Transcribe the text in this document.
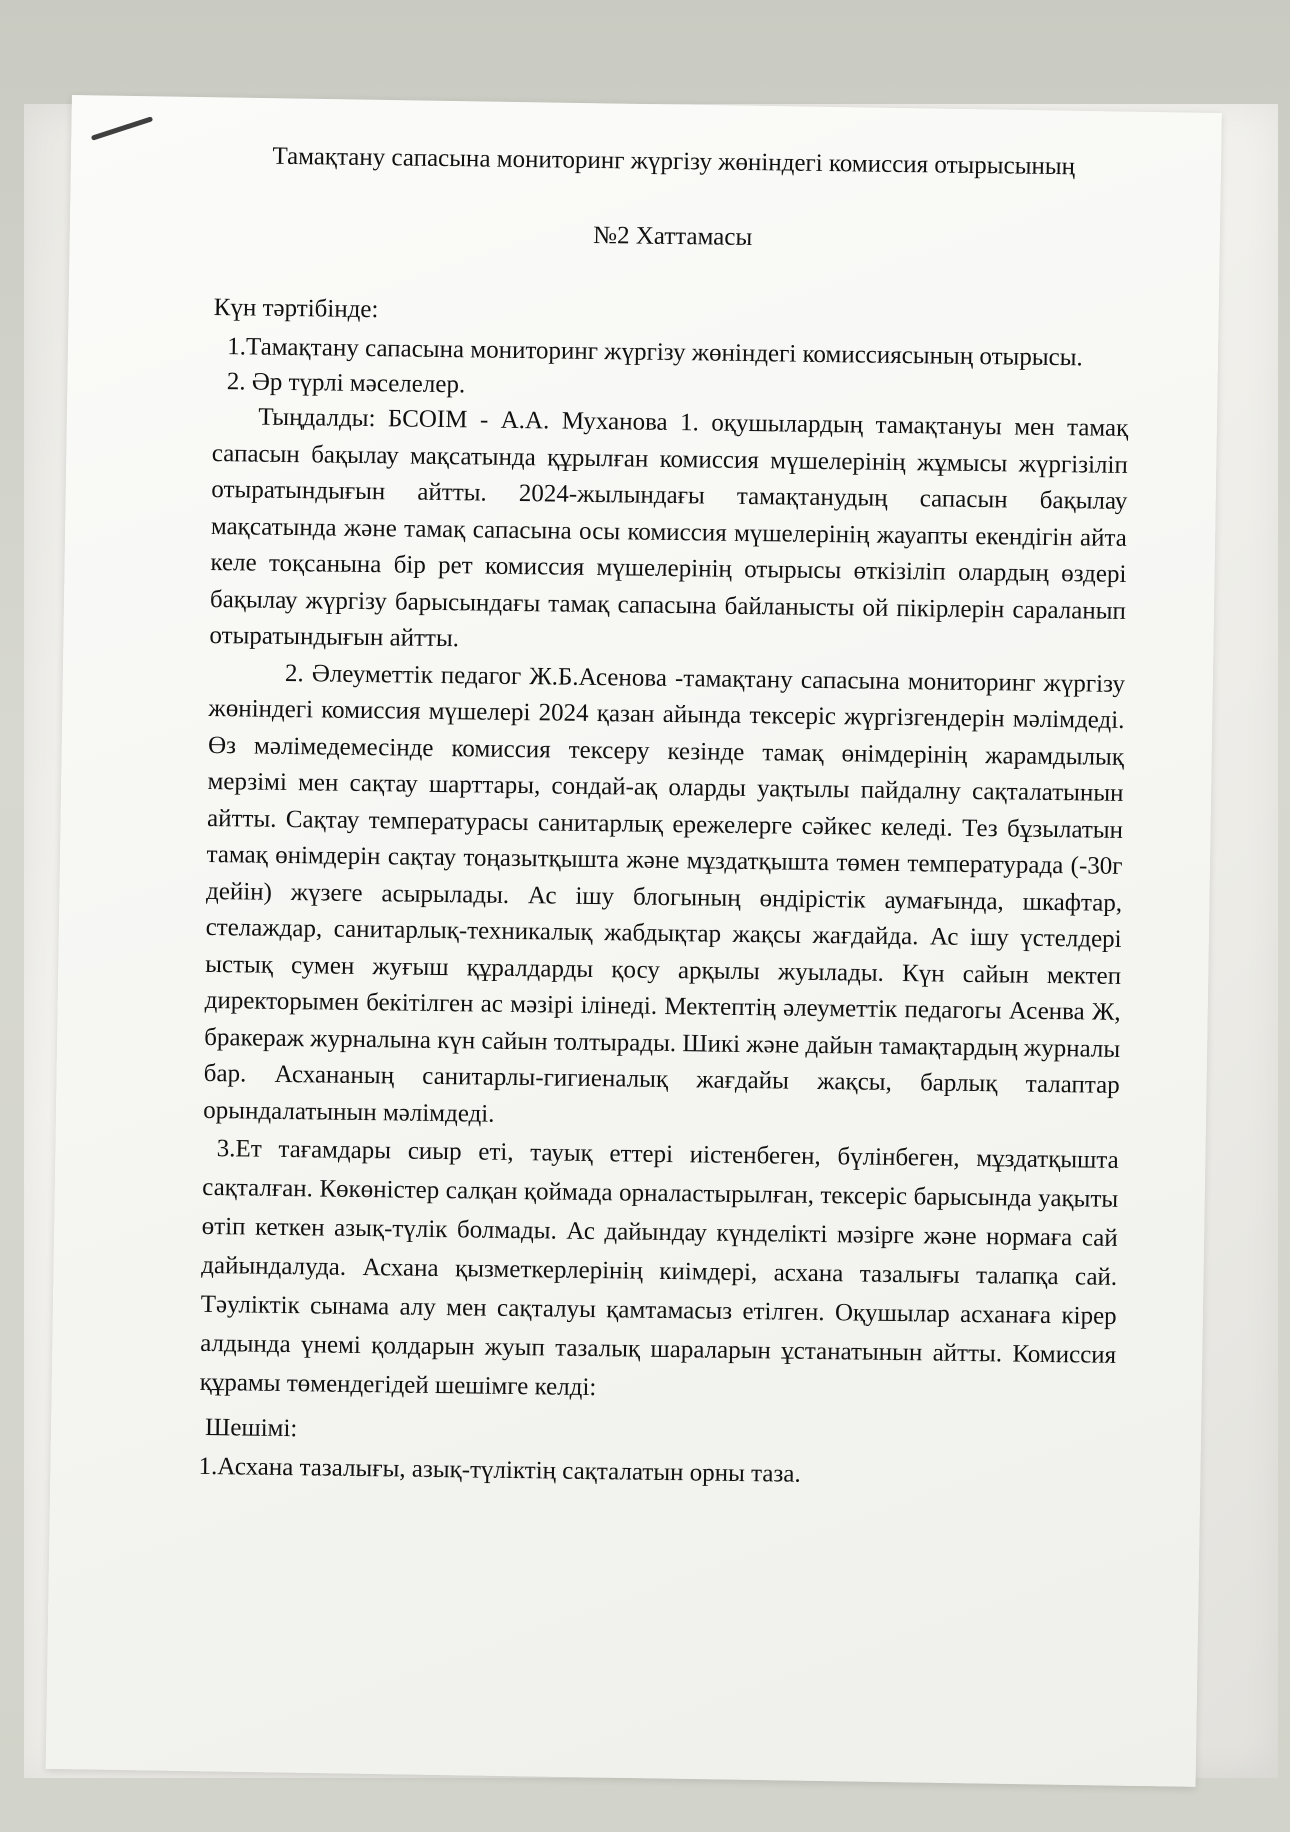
Тамақтану сапасына мониторинг жүргізу жөніндегі комиссия отырысының
№2 Хаттамасы
Күн тәртібінде:

1.Тамақтану сапасына мониторинг жүргізу жөніндегі комиссиясының отырысы.

2. Әр түрлі мәселелер.

Тыңдалды: БСОІМ - А.А. Муханова 1. оқушылардың тамақтануы мен тамақ сапасын бақылау мақсатында құрылған комиссия мүшелерінің жұмысы жүргізіліп отыратындығын айтты. 2024-жылындағы тамақтанудың сапасын бақылау мақсатында және тамақ сапасына осы комиссия мүшелерінің жауапты екендігін айта келе тоқсанына бір рет комиссия мүшелерінің отырысы өткізіліп олардың өздері бақылау жүргізу барысындағы тамақ сапасына байланысты ой пікірлерін сараланып отыратындығын айтты.

2. Әлеуметтік педагог Ж.Б.Асенова -тамақтану сапасына мониторинг жүргізу жөніндегі комиссия мүшелері 2024 қазан айында тексеріс жүргізгендерін мәлімдеді. Өз мәлімедемесінде комиссия тексеру кезінде тамақ өнімдерінің жарамдылық мерзімі мен сақтау шарттары, сондай-ақ оларды уақтылы пайдалну сақталатынын айтты. Сақтау температурасы санитарлық ережелерге сәйкес келеді. Тез бұзылатын тамақ өнімдерін сақтау тоңазытқышта және мұздатқышта төмен температурада (-30г дейін) жүзеге асырылады. Ас ішу блогының өндірістік аумағында, шкафтар, стелаждар, санитарлық-техникалық жабдықтар жақсы жағдайда. Ас ішу үстелдері ыстық сумен жуғыш құралдарды қосу арқылы жуылады. Күн сайын мектеп директорымен бекітілген ас мәзірі ілінеді. Мектептің әлеуметтік педагогы Асенва Ж, бракераж журналына күн сайын толтырады. Шикі және дайын тамақтардың журналы бар. Асхананың санитарлы-гигиеналық жағдайы жақсы, барлық талаптар орындалатынын мәлімдеді.

3.Ет тағамдары сиыр еті, тауық еттері иістенбеген, бүлінбеген, мұздатқышта сақталған. Көкөністер салқан қоймада орналастырылған, тексеріс барысында уақыты өтіп кеткен азық-түлік болмады. Ас дайындау күнделікті мәзірге және нормаға сай дайындалуда. Асхана қызметкерлерінің киімдері, асхана тазалығы талапқа сай. Тәуліктік сынама алу мен сақталуы қамтамасыз етілген. Оқушылар асханаға кірер алдында үнемі қолдарын жуып тазалық шараларын ұстанатынын айтты. Комиссия құрамы төмендегідей шешімге келді:

Шешімі:

1.Асхана тазалығы, азық-түліктің сақталатын орны таза.
